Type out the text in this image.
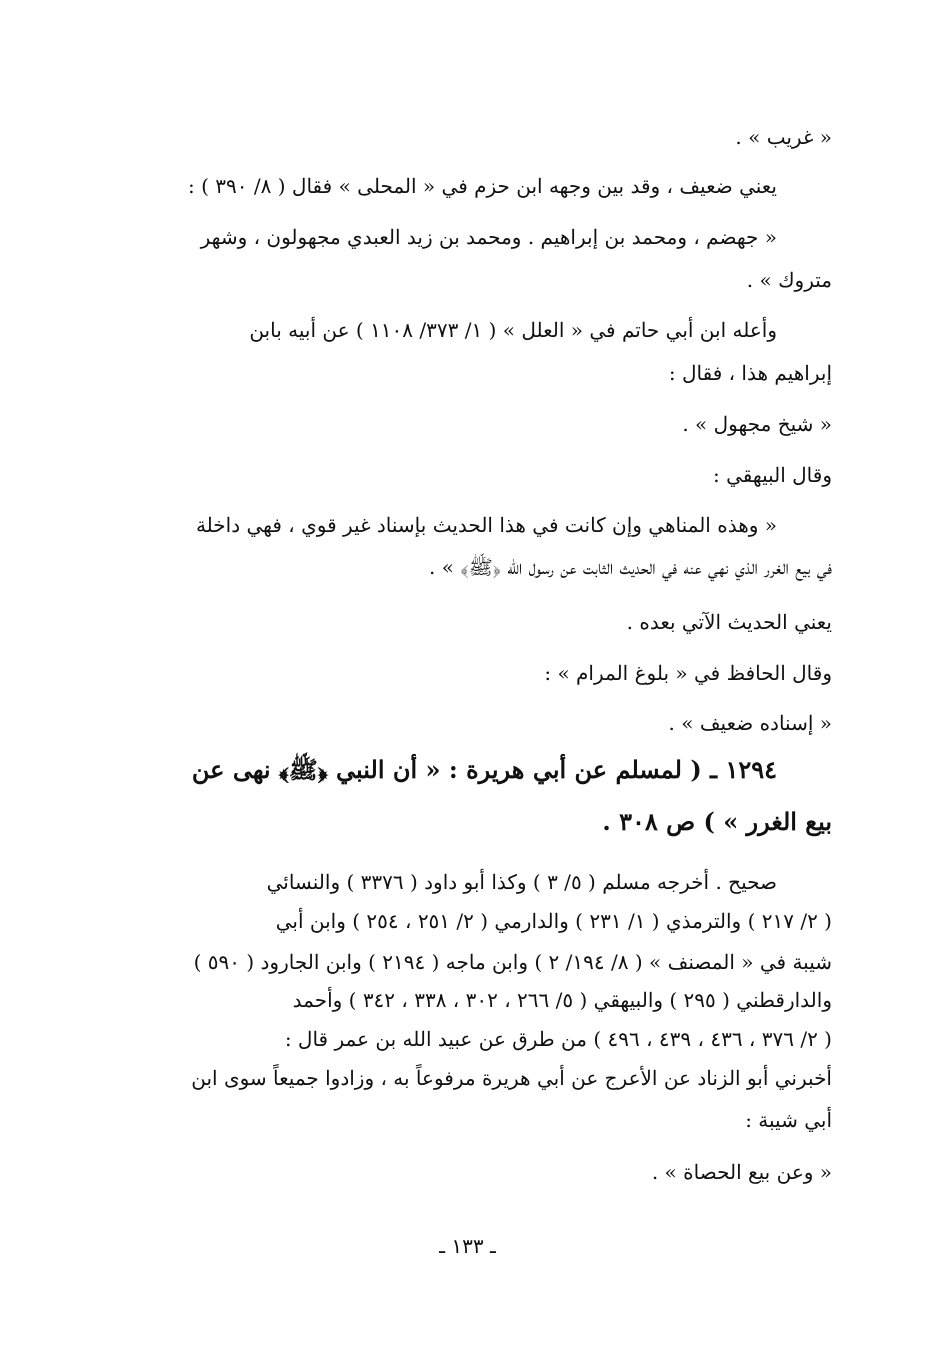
« غريب » .
يعني ضعيف ، وقد بين وجهه ابن حزم في « المحلى » فقال ( ٨/ ٣٩٠ ) :
« جهضم ، ومحمد بن إبراهيم . ومحمد بن زيد العبدي مجهولون ، وشهر
متروك » .
وأعله ابن أبي حاتم في « العلل » ( ١/ ٣٧٣/ ١١٠٨ ) عن أبيه بابن
إبراهيم هذا ، فقال :
« شيخ مجهول » .
وقال البيهقي :
« وهذه المناهي وإن كانت في هذا الحديث بإسناد غير قوي ، فهي داخلة
في بيع الغرر الذي نهي عنه في الحديث الثابت عن رسول الله ﴿ﷺ﴾ » .
يعني الحديث الآتي بعده .
وقال الحافظ في « بلوغ المرام » :
« إسناده ضعيف » .
١٢٩٤ ـ ( لمسلم عن أبي هريرة : « أن النبي ﴿ﷺ﴾ نهى عن
بيع الغرر » ) ص ٣٠٨ .
صحيح . أخرجه مسلم ( ٥/ ٣ ) وكذا أبو داود ( ٣٣٧٦ ) والنسائي
( ٢/ ٢١٧ ) والترمذي ( ١/ ٢٣١ ) والدارمي ( ٢/ ٢٥١ ، ٢٥٤ ) وابن أبي
شيبة في « المصنف » ( ٨/ ١٩٤/ ٢ ) وابن ماجه ( ٢١٩٤ ) وابن الجارود ( ٥٩٠ )
والدارقطني ( ٢٩٥ ) والبيهقي ( ٥/ ٢٦٦ ، ٣٠٢ ، ٣٣٨ ، ٣٤٢ ) وأحمد
( ٢/ ٣٧٦ ، ٤٣٦ ، ٤٣٩ ، ٤٩٦ ) من طرق عن عبيد الله بن عمر قال :
أخبرني أبو الزناد عن الأعرج عن أبي هريرة مرفوعاً به ، وزادوا جميعاً سوى ابن
أبي شيبة :
« وعن بيع الحصاة » .
ـ ١٣٣ ـ
